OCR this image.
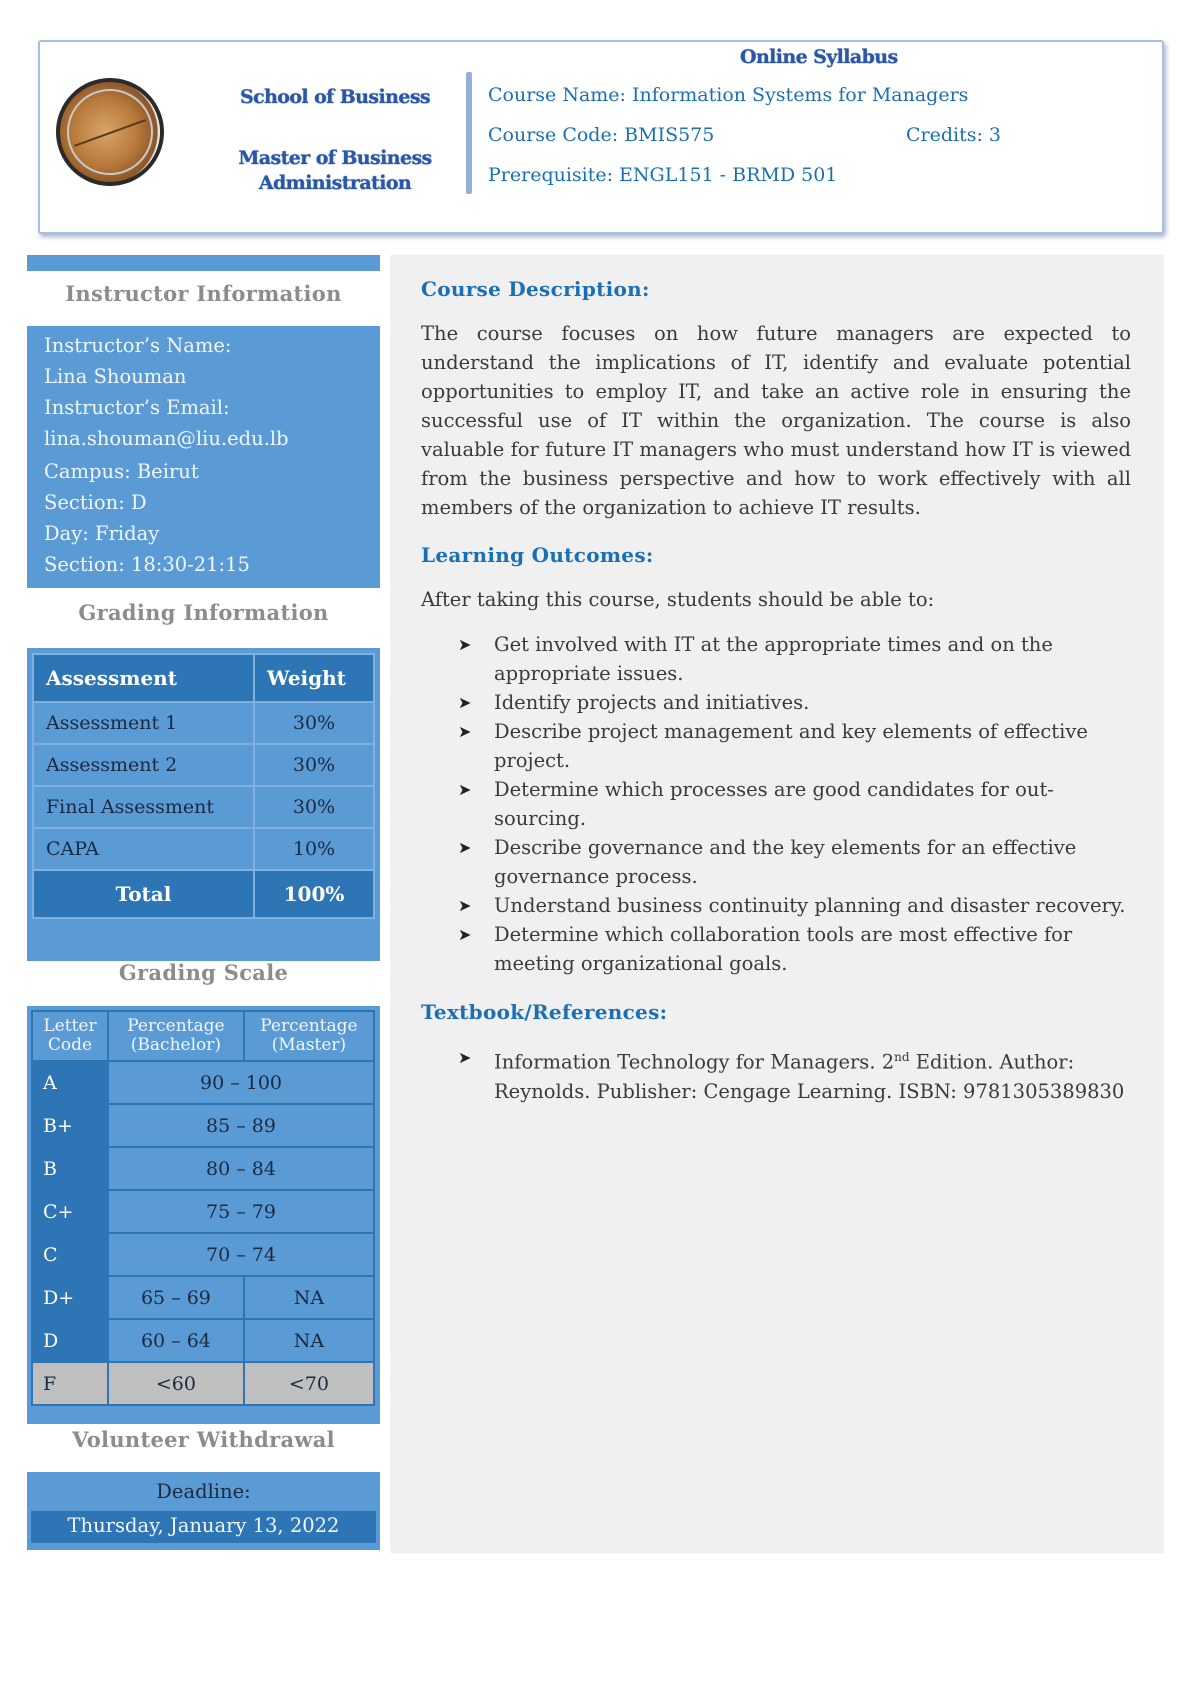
School of Business
Master of Business Administration
Online Syllabus
Course Name: Information Systems for Managers
Course Code: BMIS575	Credits: 3
Prerequisite: ENGL151 - BRMD 501
Instructor Information
Instructor’s Name:
Lina Shouman
Instructor’s Email:
lina.shouman@liu.edu.lb
Campus: Beirut
Section: D
Day: Friday
Section: 18:30-21:15
Grading Information
Assessment	Weight
Assessment 1	30%
Assessment 2	30%
Final Assessment	30%
CAPA	10%
Total	100%
Grading Scale
Letter Code	Percentage (Bachelor)	Percentage (Master)
A	90 – 100	
B+	85 – 89	
B	80 – 84	
C+	75 – 79	
C	70 – 74	
D+	65 – 69	NA
D	60 – 64	NA
F	<60	<70
Volunteer Withdrawal
Deadline:
Thursday, January 13, 2022
Course Description:
The course focuses on how future managers are expected to understand the implications of IT, identify and evaluate potential opportunities to employ IT, and take an active role in ensuring the successful use of IT within the organization. The course is also valuable for future IT managers who must understand how IT is viewed from the business perspective and how to work effectively with all members of the organization to achieve IT results.
Learning Outcomes:
After taking this course, students should be able to:
➤ Get involved with IT at the appropriate times and on the appropriate issues.
➤ Identify projects and initiatives.
➤ Describe project management and key elements of effective project.
➤ Determine which processes are good candidates for out-sourcing.
➤ Describe governance and the key elements for an effective governance process.
➤ Understand business continuity planning and disaster recovery.
➤ Determine which collaboration tools are most effective for meeting organizational goals.
Textbook/References:
➤ Information Technology for Managers. 2nd Edition. Author: Reynolds. Publisher: Cengage Learning. ISBN: 9781305389830
